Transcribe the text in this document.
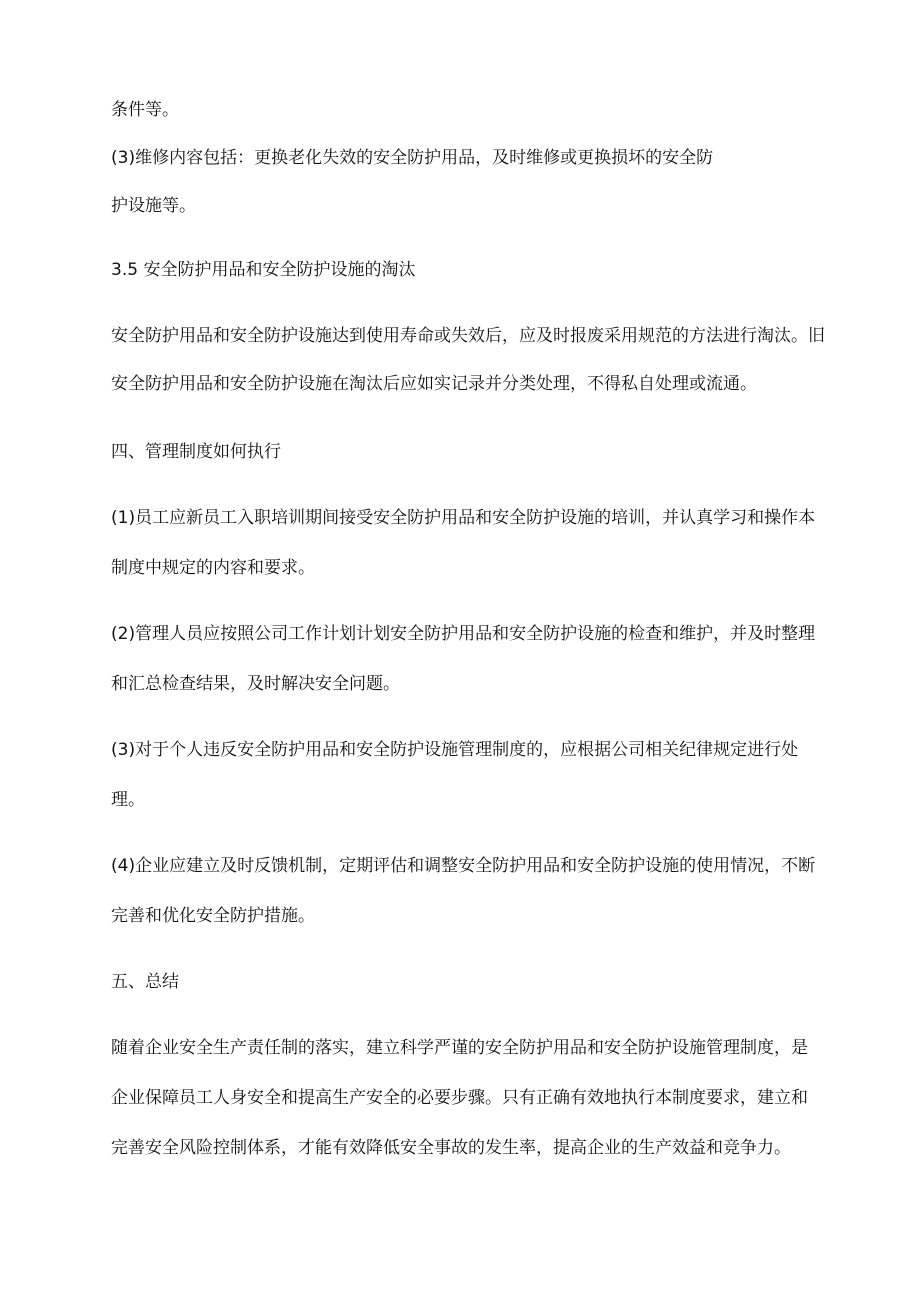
条件等。
(3)维修内容包括：更换老化失效的安全防护用品，及时维修或更换损坏的安全防
护设施等。
3.5 安全防护用品和安全防护设施的淘汰
安全防护用品和安全防护设施达到使用寿命或失效后，应及时报废采用规范的方法进行淘汰。旧
安全防护用品和安全防护设施在淘汰后应如实记录并分类处理，不得私自处理或流通。
四、管理制度如何执行
(1)员工应新员工入职培训期间接受安全防护用品和安全防护设施的培训，并认真学习和操作本
制度中规定的内容和要求。
(2)管理人员应按照公司工作计划计划安全防护用品和安全防护设施的检查和维护，并及时整理
和汇总检查结果，及时解决安全问题。
(3)对于个人违反安全防护用品和安全防护设施管理制度的，应根据公司相关纪律规定进行处
理。
(4)企业应建立及时反馈机制，定期评估和调整安全防护用品和安全防护设施的使用情况，不断
完善和优化安全防护措施。
五、总结
随着企业安全生产责任制的落实，建立科学严谨的安全防护用品和安全防护设施管理制度，是
企业保障员工人身安全和提高生产安全的必要步骤。只有正确有效地执行本制度要求，建立和
完善安全风险控制体系，才能有效降低安全事故的发生率，提高企业的生产效益和竞争力。
